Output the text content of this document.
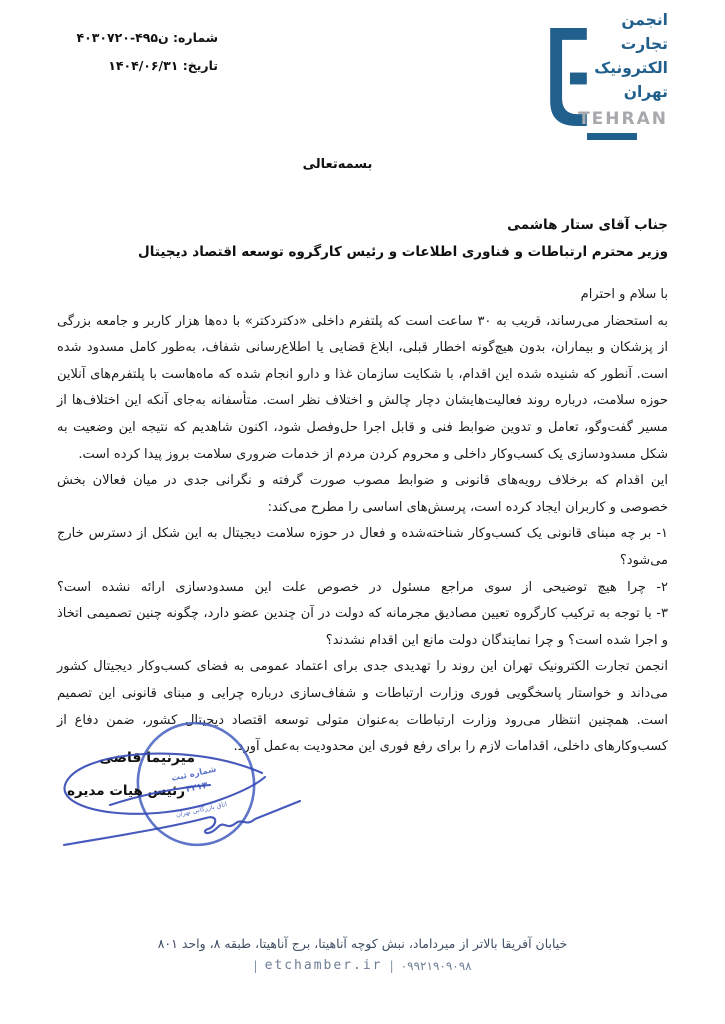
شماره: ن۴۹۵-۴۰۳۰۷۲۰
تاریخ: ۱۴۰۴/۰۶/۳۱
انجمن
تجارت
الکترونیک
تهران
TEHRAN
بسمه‌تعالی
جناب آقای ستار هاشمی
وزیر محترم ارتباطات و فناوری اطلاعات و رئیس کارگروه توسعه اقتصاد دیجیتال

با سلام و احترام

به استحضار می‌رساند، قریب به ۳۰ ساعت است که پلتفرم داخلی «دکتردکتر» با ده‌ها هزار کاربر و جامعه بزرگی از پزشکان و بیماران، بدون هیچ‌گونه اخطار قبلی، ابلاغ قضایی یا اطلاع‌رسانی شفاف، به‌طور کامل مسدود شده است. آنطور که شنیده شده این اقدام، با شکایت سازمان غذا و دارو انجام شده که ماه‌هاست با پلتفرم‌های آنلاین حوزه سلامت، درباره روند فعالیت‌هایشان دچار چالش و اختلاف نظر است. متأسفانه به‌جای آنکه این اختلاف‌ها از مسیر گفت‌وگو، تعامل و تدوین ضوابط فنی و قابل اجرا حل‌وفصل شود، اکنون شاهدیم که نتیجه این وضعیت به شکل مسدودسازی یک کسب‌وکار داخلی و محروم کردن مردم از خدمات ضروری سلامت بروز پیدا کرده است.

این اقدام که برخلاف رویه‌های قانونی و ضوابط مصوب صورت گرفته و نگرانی جدی در میان فعالان بخش خصوصی و کاربران ایجاد کرده است، پرسش‌های اساسی را مطرح می‌کند:

۱- بر چه مبنای قانونی یک کسب‌وکار شناخته‌شده و فعال در حوزه سلامت دیجیتال به این شکل از دسترس خارج می‌شود؟

۲- چرا هیچ توضیحی از سوی مراجع مسئول در خصوص علت این مسدودسازی ارائه نشده است؟

۳- با توجه به ترکیب کارگروه تعیین مصادیق مجرمانه که دولت در آن چندین عضو دارد، چگونه چنین تصمیمی اتخاذ و اجرا شده است؟ و چرا نمایندگان دولت مانع این اقدام نشدند؟

انجمن تجارت الکترونیک تهران این روند را تهدیدی جدی برای اعتماد عمومی به فضای کسب‌وکار دیجیتال کشور می‌داند و خواستار پاسخگویی فوری وزارت ارتباطات و شفاف‌سازی درباره چرایی و مبنای قانونی این تصمیم است. همچنین انتظار می‌رود وزارت ارتباطات به‌عنوان متولی توسعه اقتصاد دیجیتال کشور، ضمن دفاع از کسب‌وکارهای داخلی، اقدامات لازم را برای رفع فوری این محدودیت به‌عمل آورد.

شماره ثبت
۴۲۱۳
اتاق بازرگانی تهران
میرنیما قاضی
رئیس هیات مدیره
خیابان آفریقا بالاتر از میرداماد، نبش کوچه آناهیتا، برج آناهیتا، طبقه ۸، واحد ۸۰۱
| etchamber.ir | ۰۹۹۲۱۹۰۹۰۹۸
